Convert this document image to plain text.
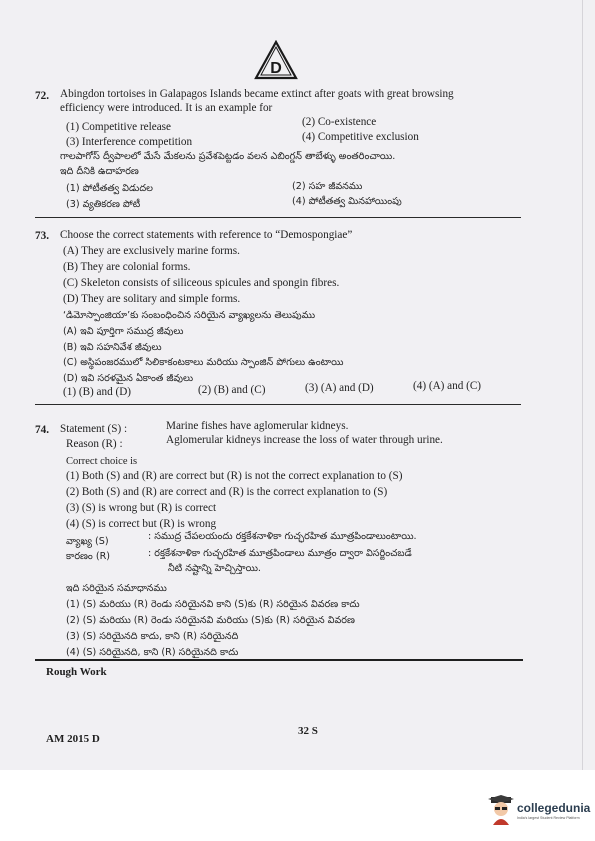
D
72. Abingdon tortoises in Galapagos Islands became extinct after goats with great browsing
efficiency were introduced. It is an example for
(1) Competitive release	(2) Co-existence
(3) Interference competition	(4) Competitive exclusion
గాలపాగోస్ ద్వీపాలలో మేసే మేకలను ప్రవేశపెట్టడం వలన ఎబింగ్డన్ తాబేళ్ళు అంతరించాయి.
ఇది దీనికి ఉదాహరణ
(1) పోటీతత్వ విడుదల	(2) సహ జీవనము
(3) వ్యతికరణ పోటీ	(4) పోటీతత్వ మినహాయింపు
73. Choose the correct statements with reference to “Demospongiae”
(A) They are exclusively marine forms.
(B) They are colonial forms.
(C) Skeleton consists of siliceous spicules and spongin fibres.
(D) They are solitary and simple forms.
‘డిమోస్పాంజియా’కు సంబంధించిన సరియైన వ్యాఖ్యలను తెలుపుము
(A) ఇవి పూర్తిగా సముద్ర జీవులు
(B) ఇవి సహనివేశ జీవులు
(C) అస్థిపంజరములో సిలికాకంటకాలు మరియు స్పాంజిన్ పోగులు ఉంటాయి
(D) ఇవి సరళమైన ఏకాంత జీవులు
(1) (B) and (D)	(2) (B) and (C)	(3) (A) and (D)	(4) (A) and (C)
74. Statement (S) :	Marine fishes have aglomerular kidneys.
Reason (R) :	Aglomerular kidneys increase the loss of water through urine.
Correct choice is
(1) Both (S) and (R) are correct but (R) is not the correct explanation to (S)
(2) Both (S) and (R) are correct and (R) is the correct explanation to (S)
(3) (S) is wrong but (R) is correct
(4) (S) is correct but (R) is wrong
వ్యాఖ్య (S)	: సముద్ర చేపలయందు రక్తకేశనాళికా గుచ్ఛరహిత మూత్రపిండాలుంటాయి.
కారణం (R)	: రక్తకేశనాళికా గుచ్ఛరహిత మూత్రపిండాలు మూత్రం ద్వారా విసర్జించబడే
నీటి నష్టాన్ని హెచ్చిస్తాయి.
ఇది సరియైన సమాధానము
(1) (S) మరియు (R) రెండు సరియైనవి కాని (S)కు (R) సరియైన వివరణ కాదు
(2) (S) మరియు (R) రెండు సరియైనవి మరియు (S)కు (R) సరియైన వివరణ
(3) (S) సరియైనది కాదు, కాని (R) సరియైనది
(4) (S) సరియైనది, కాని (R) సరియైనది కాదు
Rough Work
AM 2015 D
32 S
collegedunia
India's largest Student Review Platform
